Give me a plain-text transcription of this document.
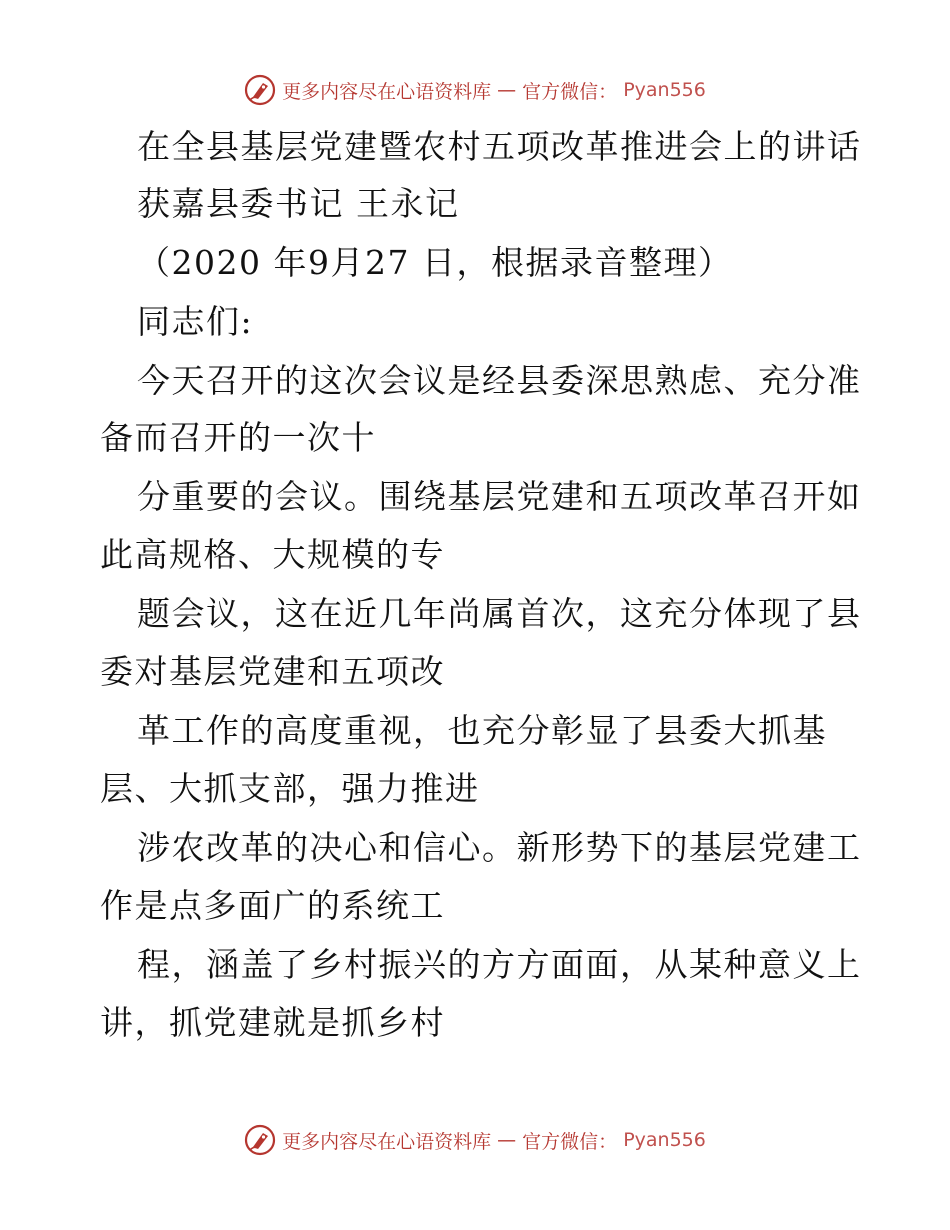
更多内容尽在心语资料库 — 官方微信： Pyan556
在全县基层党建暨农村五项改革推进会上的讲话
获嘉县委书记 王永记
（2020 年9月27 日，根据录音整理）
同志们:
今天召开的这次会议是经县委深思熟虑、充分准
备而召开的一次十
分重要的会议。围绕基层党建和五项改革召开如
此高规格、大规模的专
题会议，这在近几年尚属首次，这充分体现了县
委对基层党建和五项改
革工作的高度重视，也充分彰显了县委大抓基
层、大抓支部，强力推进
涉农改革的决心和信心。新形势下的基层党建工
作是点多面广的系统工
程，涵盖了乡村振兴的方方面面，从某种意义上
讲，抓党建就是抓乡村
更多内容尽在心语资料库 — 官方微信： Pyan556
